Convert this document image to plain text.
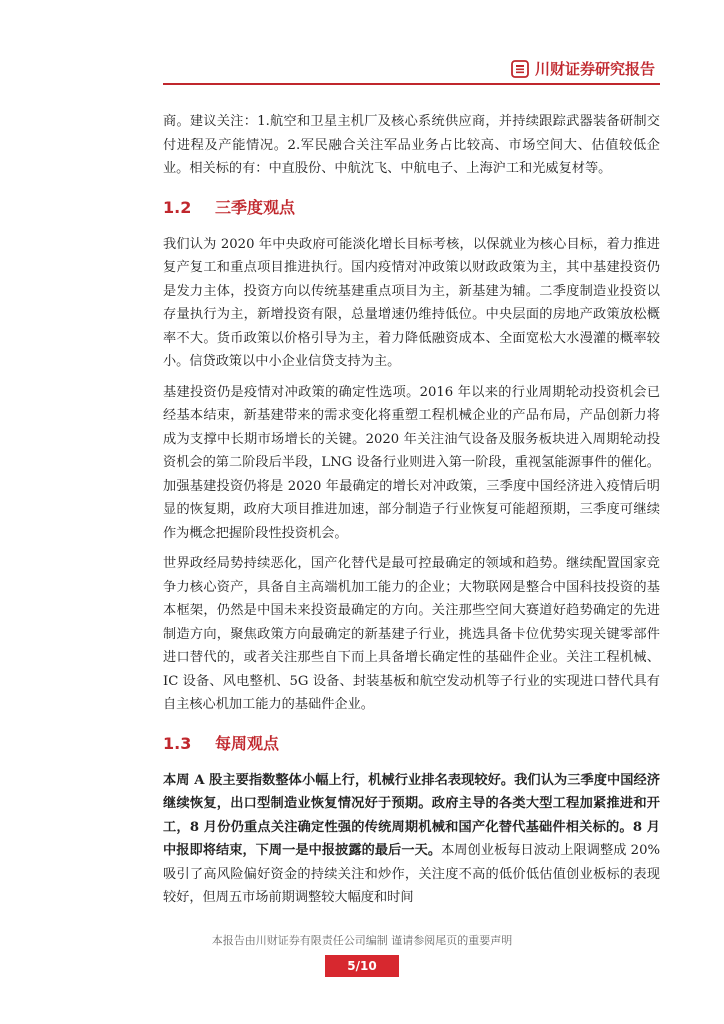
川财证券研究报告

商。建议关注：1.航空和卫星主机厂及核心系统供应商，并持续跟踪武器装备研制交付进程及产能情况。2.军民融合关注军品业务占比较高、市场空间大、估值较低企业。相关标的有：中直股份、中航沈飞、中航电子、上海沪工和光威复材等。

1.2 三季度观点

我们认为 2020 年中央政府可能淡化增长目标考核，以保就业为核心目标，着力推进复产复工和重点项目推进执行。国内疫情对冲政策以财政政策为主，其中基建投资仍是发力主体，投资方向以传统基建重点项目为主，新基建为辅。二季度制造业投资以存量执行为主，新增投资有限，总量增速仍维持低位。中央层面的房地产政策放松概率不大。货币政策以价格引导为主，着力降低融资成本、全面宽松大水漫灌的概率较小。信贷政策以中小企业信贷支持为主。

基建投资仍是疫情对冲政策的确定性选项。2016 年以来的行业周期轮动投资机会已经基本结束，新基建带来的需求变化将重塑工程机械企业的产品布局，产品创新力将成为支撑中长期市场增长的关键。2020 年关注油气设备及服务板块进入周期轮动投资机会的第二阶段后半段，LNG 设备行业则进入第一阶段，重视氢能源事件的催化。加强基建投资仍将是 2020 年最确定的增长对冲政策，三季度中国经济进入疫情后明显的恢复期，政府大项目推进加速，部分制造子行业恢复可能超预期，三季度可继续作为概念把握阶段性投资机会。

世界政经局势持续恶化，国产化替代是最可控最确定的领域和趋势。继续配置国家竞争力核心资产，具备自主高端机加工能力的企业；大物联网是整合中国科技投资的基本框架，仍然是中国未来投资最确定的方向。关注那些空间大赛道好趋势确定的先进制造方向，聚焦政策方向最确定的新基建子行业，挑选具备卡位优势实现关键零部件进口替代的，或者关注那些自下而上具备增长确定性的基础件企业。关注工程机械、IC 设备、风电整机、5G 设备、封装基板和航空发动机等子行业的实现进口替代具有自主核心机加工能力的基础件企业。

1.3 每周观点

本周 A 股主要指数整体小幅上行，机械行业排名表现较好。我们认为三季度中国经济继续恢复，出口型制造业恢复情况好于预期。政府主导的各类大型工程加紧推进和开工，8 月份仍重点关注确定性强的传统周期机械和国产化替代基础件相关标的。8 月中报即将结束，下周一是中报披露的最后一天。本周创业板每日波动上限调整成 20%吸引了高风险偏好资金的持续关注和炒作，关注度不高的低价低估值创业板标的表现较好，但周五市场前期调整较大幅度和时间

本报告由川财证券有限责任公司编制 谨请参阅尾页的重要声明
5/10
